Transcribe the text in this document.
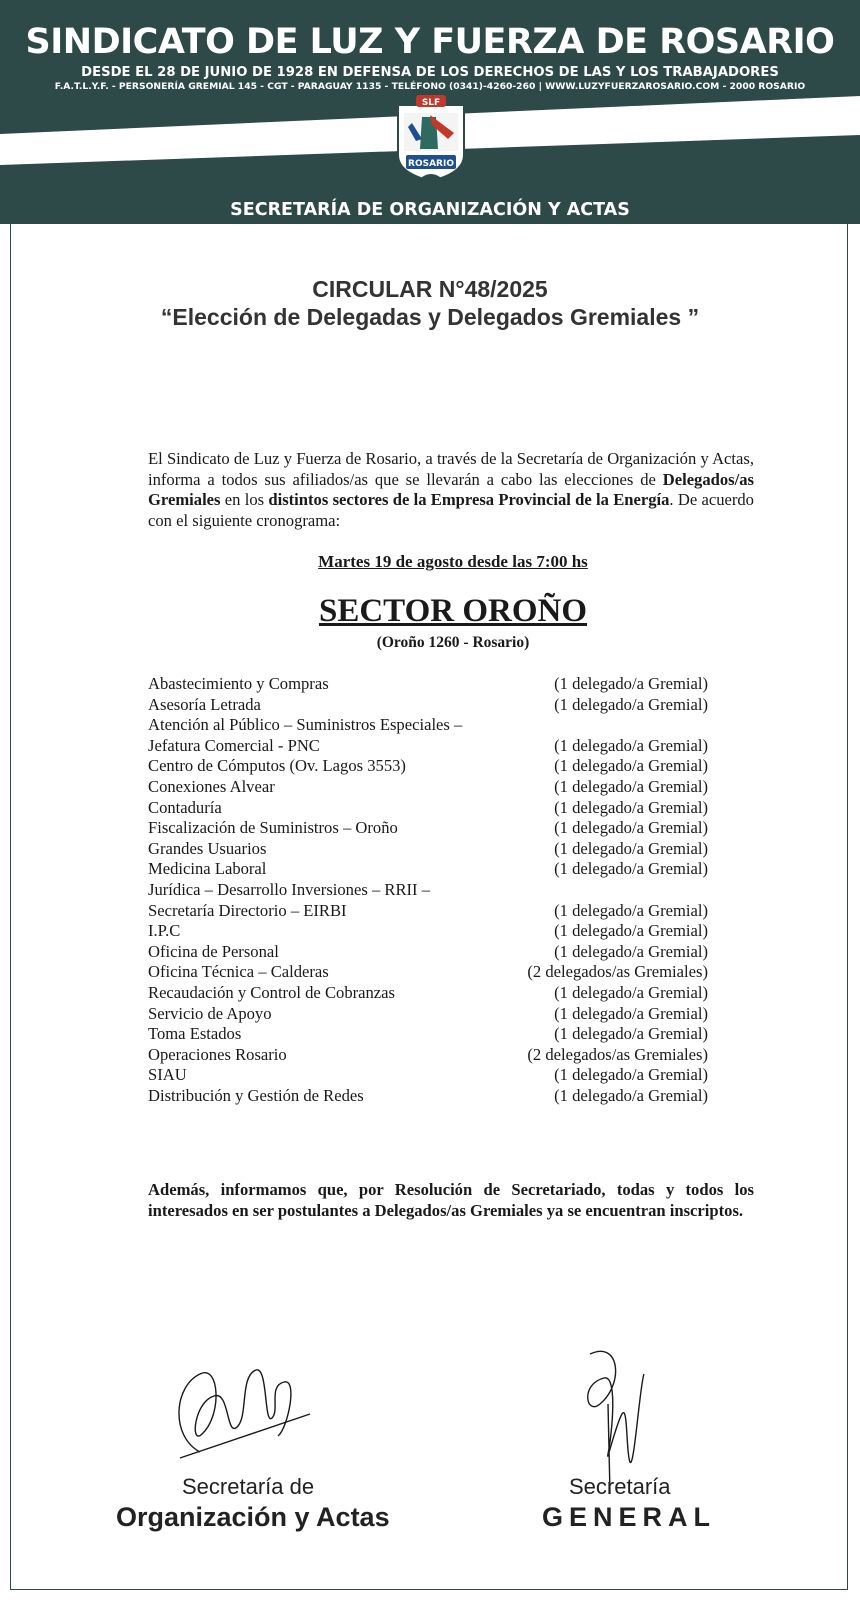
SINDICATO DE LUZ Y FUERZA DE ROSARIO
DESDE EL 28 DE JUNIO DE 1928 EN DEFENSA DE LOS DERECHOS DE LAS Y LOS TRABAJADORES
F.A.T.L.Y.F. - PERSONERÍA GREMIAL 145 - CGT - PARAGUAY 1135 - TELÉFONO (0341)-4260-260 | WWW.LUZYFUERZAROSARIO.COM - 2000 ROSARIO
SLF
ROSARIO
SECRETARÍA DE ORGANIZACIÓN Y ACTAS
CIRCULAR N°48/2025
“Elección de Delegadas y Delegados Gremiales ”
El Sindicato de Luz y Fuerza de Rosario, a través de la Secretaría de Organización y Actas, informa a todos sus afiliados/as que se llevarán a cabo las elecciones de Delegados/as Gremiales en los distintos sectores de la Empresa Provincial de la Energía. De acuerdo con el siguiente cronograma:
Martes 19 de agosto desde las 7:00 hs
SECTOR OROÑO
(Oroño 1260 - Rosario)
Abastecimiento y Compras	(1 delegado/a Gremial)
Asesoría Letrada	(1 delegado/a Gremial)
Atención al Público – Suministros Especiales –
Jefatura Comercial - PNC	(1 delegado/a Gremial)
Centro de Cómputos (Ov. Lagos 3553)	(1 delegado/a Gremial)
Conexiones Alvear	(1 delegado/a Gremial)
Contaduría	(1 delegado/a Gremial)
Fiscalización de Suministros – Oroño	(1 delegado/a Gremial)
Grandes Usuarios	(1 delegado/a Gremial)
Medicina Laboral	(1 delegado/a Gremial)
Jurídica – Desarrollo Inversiones – RRII –
Secretaría Directorio – EIRBI	(1 delegado/a Gremial)
I.P.C	(1 delegado/a Gremial)
Oficina de Personal	(1 delegado/a Gremial)
Oficina Técnica – Calderas	(2 delegados/as Gremiales)
Recaudación y Control de Cobranzas	(1 delegado/a Gremial)
Servicio de Apoyo	(1 delegado/a Gremial)
Toma Estados	(1 delegado/a Gremial)
Operaciones Rosario	(2 delegados/as Gremiales)
SIAU	(1 delegado/a Gremial)
Distribución y Gestión de Redes	(1 delegado/a Gremial)
Además, informamos que, por Resolución de Secretariado, todas y todos los interesados en ser postulantes a Delegados/as Gremiales ya se encuentran inscriptos.
Secretaría de
Organización y Actas
Secretaría
GENERAL
